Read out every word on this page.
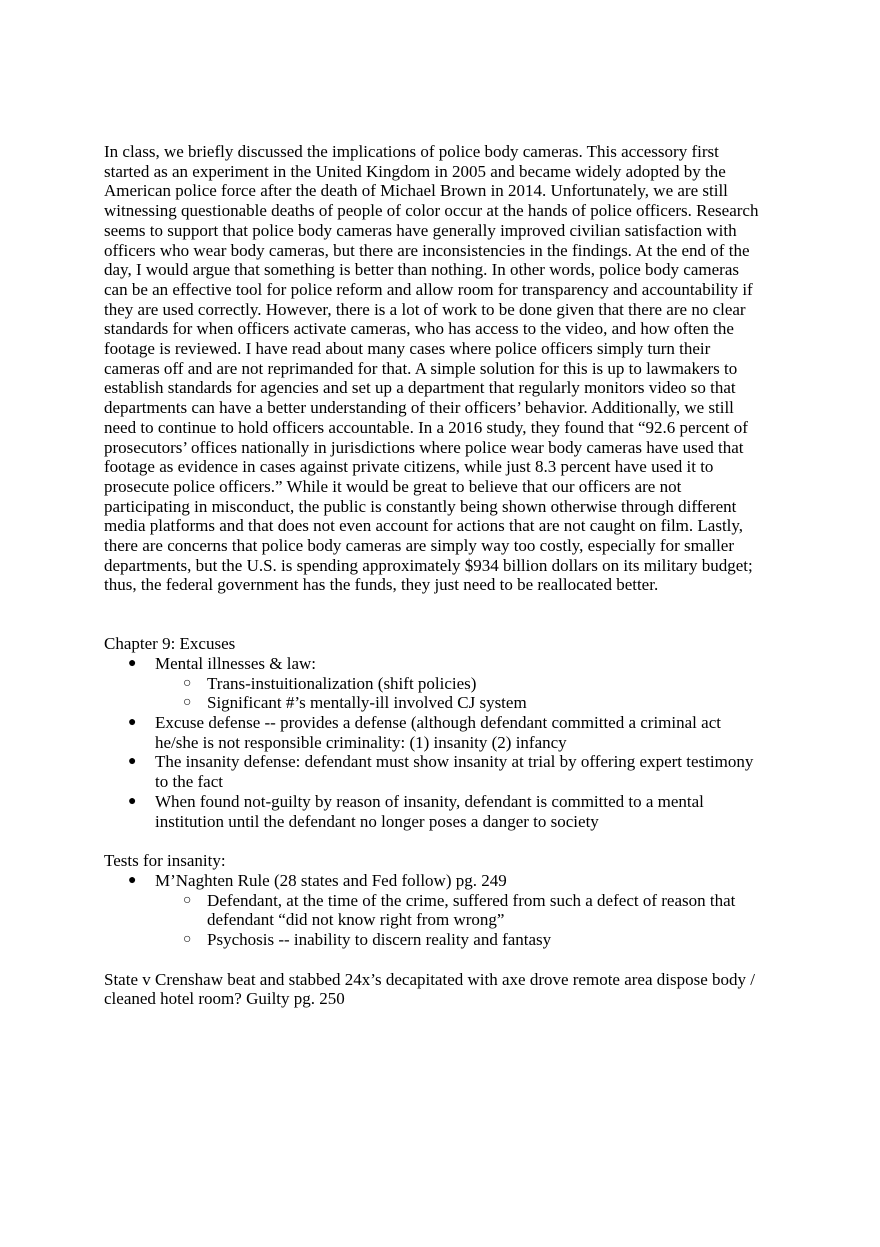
In class, we briefly discussed the implications of police body cameras. This accessory first
started as an experiment in the United Kingdom in 2005 and became widely adopted by the
American police force after the death of Michael Brown in 2014. Unfortunately, we are still
witnessing questionable deaths of people of color occur at the hands of police officers. Research
seems to support that police body cameras have generally improved civilian satisfaction with
officers who wear body cameras, but there are inconsistencies in the findings. At the end of the
day, I would argue that something is better than nothing. In other words, police body cameras
can be an effective tool for police reform and allow room for transparency and accountability if
they are used correctly. However, there is a lot of work to be done given that there are no clear
standards for when officers activate cameras, who has access to the video, and how often the
footage is reviewed. I have read about many cases where police officers simply turn their
cameras off and are not reprimanded for that. A simple solution for this is up to lawmakers to
establish standards for agencies and set up a department that regularly monitors video so that
departments can have a better understanding of their officers’ behavior. Additionally, we still
need to continue to hold officers accountable. In a 2016 study, they found that “92.6 percent of
prosecutors’ offices nationally in jurisdictions where police wear body cameras have used that
footage as evidence in cases against private citizens, while just 8.3 percent have used it to
prosecute police officers.” While it would be great to believe that our officers are not
participating in misconduct, the public is constantly being shown otherwise through different
media platforms and that does not even account for actions that are not caught on film. Lastly,
there are concerns that police body cameras are simply way too costly, especially for smaller
departments, but the U.S. is spending approximately $934 billion dollars on its military budget;
thus, the federal government has the funds, they just need to be reallocated better.

Chapter 9: Excuses

● Mental illnesses & law:
○ Trans-instuitionalization (shift policies)
○ Significant #’s mentally-ill involved CJ system
● Excuse defense -- provides a defense (although defendant committed a criminal act
he/she is not responsible criminality: (1) insanity (2) infancy
● The insanity defense: defendant must show insanity at trial by offering expert testimony
to the fact
● When found not-guilty by reason of insanity, defendant is committed to a mental
institution until the defendant no longer poses a danger to society

Tests for insanity:

● M’Naghten Rule (28 states and Fed follow) pg. 249
○ Defendant, at the time of the crime, suffered from such a defect of reason that
defendant “did not know right from wrong”
○ Psychosis -- inability to discern reality and fantasy
State v Crenshaw beat and stabbed 24x’s decapitated with axe drove remote area dispose body /
cleaned hotel room? Guilty pg. 250
